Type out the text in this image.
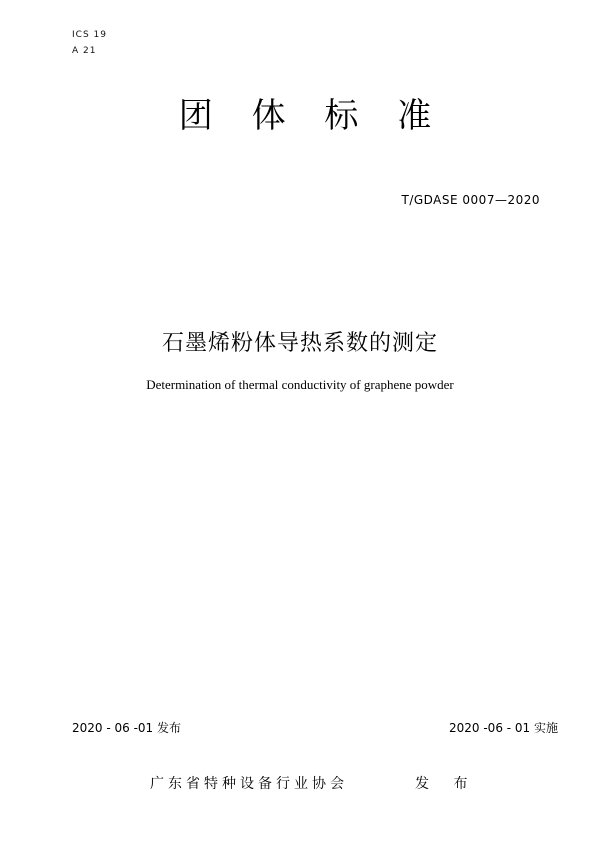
ICS 19
A 21
团 体 标 准
T/GDASE 0007—2020
石墨烯粉体导热系数的测定
Determination of thermal conductivity of graphene powder
2020 - 06 -01 发布	2020 -06 - 01 实施
广东省特种设备行业协会	发 布
